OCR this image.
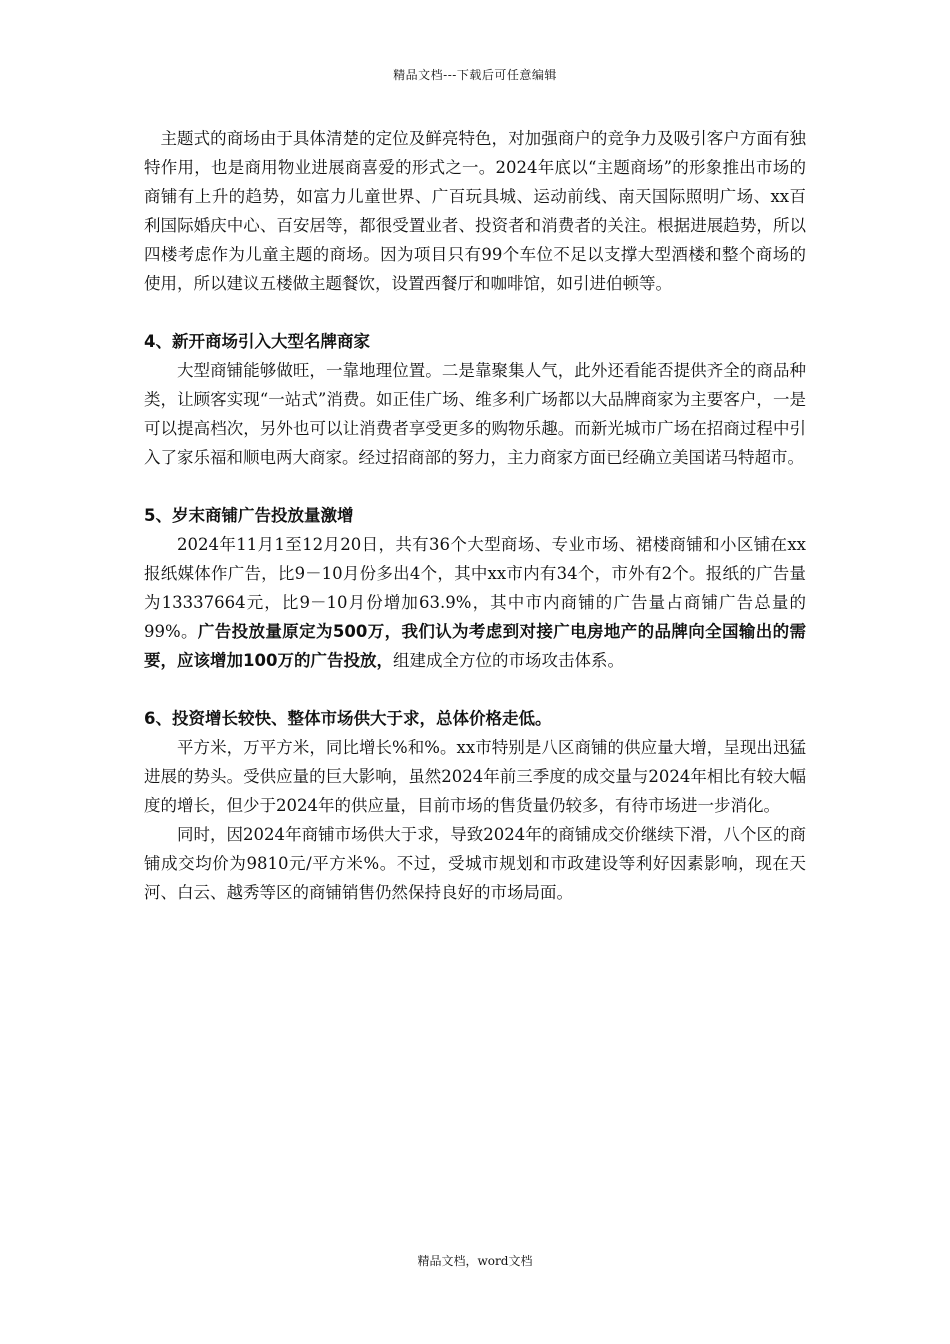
精品文档---下载后可任意编辑

主题式的商场由于具体清楚的定位及鲜亮特色，对加强商户的竞争力及吸引客户方面有独特作用，也是商用物业进展商喜爱的形式之一。2024年底以“主题商场”的形象推出市场的商铺有上升的趋势，如富力儿童世界、广百玩具城、运动前线、南天国际照明广场、xx百利国际婚庆中心、百安居等，都很受置业者、投资者和消费者的关注。根据进展趋势，所以四楼考虑作为儿童主题的商场。因为项目只有99个车位不足以支撑大型酒楼和整个商场的使用，所以建议五楼做主题餐饮，设置西餐厅和咖啡馆，如引进伯顿等。

4、新开商场引入大型名牌商家

大型商铺能够做旺，一靠地理位置。二是靠聚集人气，此外还看能否提供齐全的商品种类，让顾客实现“一站式”消费。如正佳广场、维多利广场都以大品牌商家为主要客户，一是可以提高档次，另外也可以让消费者享受更多的购物乐趣。而新光城市广场在招商过程中引入了家乐福和顺电两大商家。经过招商部的努力，主力商家方面已经确立美国诺马特超市。

5、岁末商铺广告投放量激增

2024年11月1至12月20日，共有36个大型商场、专业市场、裙楼商铺和小区铺在xx报纸媒体作广告，比9－10月份多出4个，其中xx市内有34个，市外有2个。报纸的广告量为13337664元，比9－10月份增加63.9%，其中市内商铺的广告量占商铺广告总量的99%。广告投放量原定为500万，我们认为考虑到对接广电房地产的品牌向全国输出的需要，应该增加100万的广告投放，组建成全方位的市场攻击体系。

6、投资增长较快、整体市场供大于求，总体价格走低。

平方米，万平方米，同比增长%和%。xx市特别是八区商铺的供应量大增，呈现出迅猛进展的势头。受供应量的巨大影响，虽然2024年前三季度的成交量与2024年相比有较大幅度的增长，但少于2024年的供应量，目前市场的售货量仍较多，有待市场进一步消化。

同时，因2024年商铺市场供大于求，导致2024年的商铺成交价继续下滑，八个区的商铺成交均价为9810元/平方米%。不过，受城市规划和市政建设等利好因素影响，现在天河、白云、越秀等区的商铺销售仍然保持良好的市场局面。

精品文档，word文档
